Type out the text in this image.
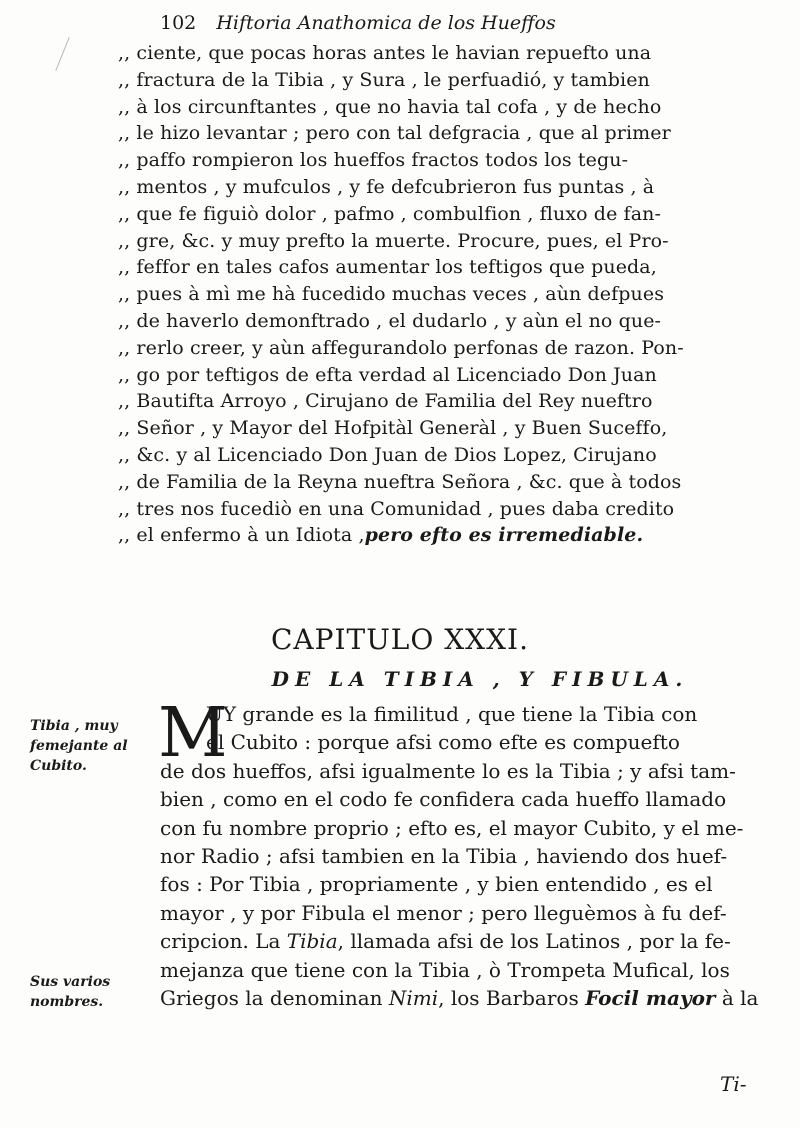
102 Hiftoria Anathomica de los Hueffos
,, ciente, que pocas horas antes le havian repuefto una
,, fractura de la Tibia , y Sura , le perfuadió, y tambien
,, à los circunftantes , que no havia tal cofa , y de hecho
,, le hizo levantar ; pero con tal defgracia , que al primer
,, paffo rompieron los hueffos fractos todos los tegu-
,, mentos , y mufculos , y fe defcubrieron fus puntas , à
,, que fe figuiò dolor , pafmo , combulfion , fluxo de fan-
,, gre, &c. y muy prefto la muerte. Procure, pues, el Pro-
,, feffor en tales cafos aumentar los teftigos que pueda,
,, pues à mì me hà fucedido muchas veces , aùn defpues
,, de haverlo demonftrado , el dudarlo , y aùn el no que-
,, rerlo creer, y aùn affegurandolo perfonas de razon. Pon-
,, go por teftigos de efta verdad al Licenciado Don Juan
,, Bautifta Arroyo , Cirujano de Familia del Rey nueftro
,, Señor , y Mayor del Hofpitàl Generàl , y Buen Suceffo,
,, &c. y al Licenciado Don Juan de Dios Lopez, Cirujano
,, de Familia de la Reyna nueftra Señora , &c. que à todos
,, tres nos fucediò en una Comunidad , pues daba credito
,, el enfermo à un Idiota ,pero efto es irremediable.
CAPITULO XXXI.
DE LA TIBIA , Y FIBULA.
Tibia , muy
femejante al
Cubito.
Sus varios
nombres.
M
UY grande es la fimilitud , que tiene la Tibia con
el Cubito : porque afsi como efte es compuefto
de dos hueffos, afsi igualmente lo es la Tibia ; y afsi tam-
bien , como en el codo fe confidera cada hueffo llamado
con fu nombre proprio ; efto es, el mayor Cubito, y el me-
nor Radio ; afsi tambien en la Tibia , haviendo dos huef-
fos : Por Tibia , propriamente , y bien entendido , es el
mayor , y por Fibula el menor ; pero lleguèmos à fu def-
cripcion. La Tibia, llamada afsi de los Latinos , por la fe-
mejanza que tiene con la Tibia , ò Trompeta Mufical, los
Griegos la denominan Nimi, los Barbaros Focil mayor à la
Ti-
